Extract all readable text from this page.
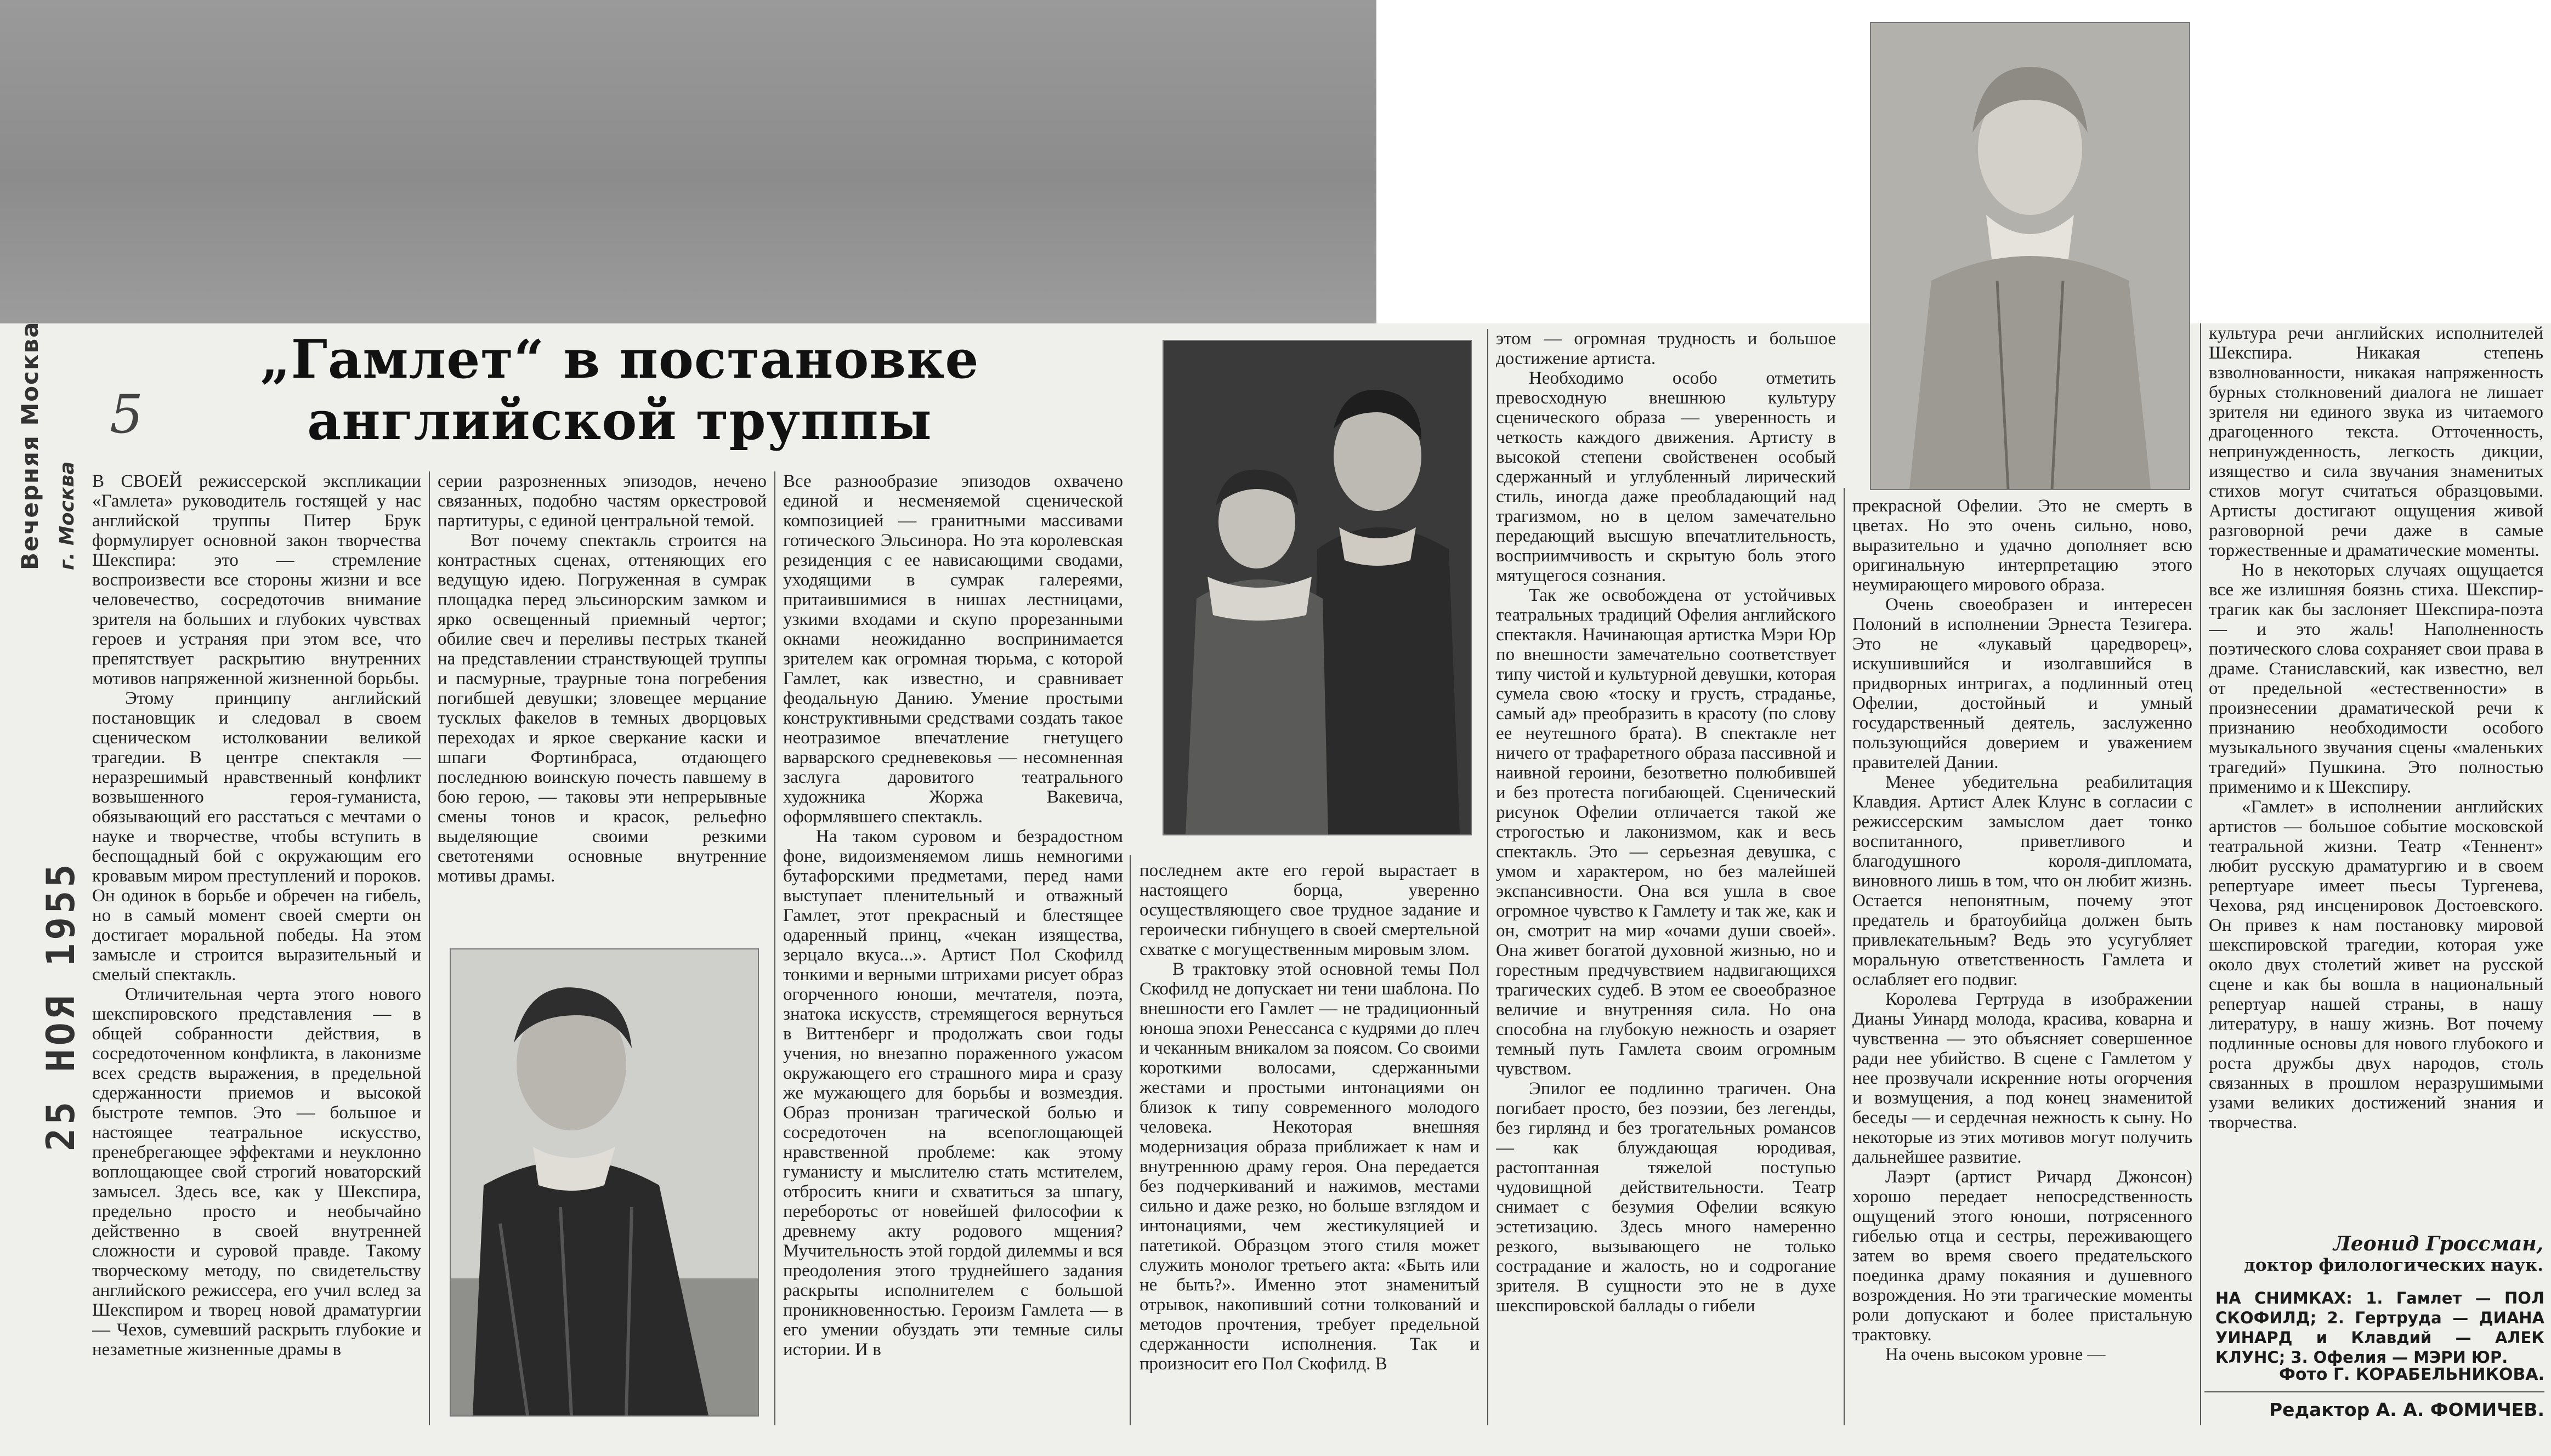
Вечерняя Москва г. Москва
25 НОЯ 1955
5
„Гамлет“ в постановке
английской труппы

В СВОЕЙ режиссерской экспликации «Гамлета» руководитель гостящей у нас английской труппы Питер Брук формулирует основной закон творчества Шекспира: это — стремление воспроизвести все стороны жизни и все человечество, сосредоточив внимание зрителя на больших и глубоких чувствах героев и устраняя при этом все, что препятствует раскрытию внутренних мотивов напряженной жизненной борьбы.

Этому принципу английский постановщик и следовал в своем сценическом истолковании великой трагедии. В центре спектакля — неразрешимый нравственный конфликт возвышенного героя-гуманиста, обязывающий его расстаться с мечтами о науке и творчестве, чтобы вступить в беспощадный бой с окружающим его кровавым миром преступлений и пороков. Он одинок в борьбе и обречен на гибель, но в самый момент своей смерти он достигает моральной победы. На этом замысле и строится выразительный и смелый спектакль.

Отличительная черта этого нового шекспировского представления — в общей собранности действия, в сосредоточенном конфликта, в лаконизме всех средств выражения, в предельной сдержанности приемов и высокой быстроте темпов. Это — большое и настоящее театральное искусство, пренебрегающее эффектами и неуклонно воплощающее свой строгий новаторский замысел. Здесь все, как у Шекспира, предельно просто и необычайно действенно в своей внутренней сложности и суровой правде. Такому творческому методу, по свидетельству английского режиссера, его учил вслед за Шекспиром и творец новой драматургии — Чехов, сумевший раскрыть глубокие и незаметные жизненные драмы в

серии разрозненных эпизодов, нечено связанных, подобно частям оркестровой партитуры, с единой центральной темой.

Вот почему спектакль строится на контрастных сценах, оттеняющих его ведущую идею. Погруженная в сумрак площадка перед эльсинорским замком и ярко освещенный приемный чертог; обилие свеч и переливы пестрых тканей на представлении странствующей труппы и пасмурные, траурные тона погребения погибшей девушки; зловещее мерцание тусклых факелов в темных дворцовых переходах и яркое сверкание каски и шпаги Фортинбраса, отдающего последнюю воинскую почесть павшему в бою герою, — таковы эти непрерывные смены тонов и красок, рельефно выделяющие своими резкими светотенями основные внутренние мотивы драмы.

Все разнообразие эпизодов охвачено единой и несменяемой сценической композицией — гранитными массивами готического Эльсинора. Но эта королевская резиденция с ее нависающими сводами, уходящими в сумрак галереями, притаившимися в нишах лестницами, узкими входами и скупо прорезанными окнами неожиданно воспринимается зрителем как огромная тюрьма, с которой Гамлет, как известно, и сравнивает феодальную Данию. Умение простыми конструктивными средствами создать такое неотразимое впечатление гнетущего варварского средневековья — несомненная заслуга даровитого театрального художника Жоржа Вакевича, оформлявшего спектакль.

На таком суровом и безрадостном фоне, видоизменяемом лишь немногими бутафорскими предметами, перед нами выступает пленительный и отважный Гамлет, этот прекрасный и блестящее одаренный принц, «чекан изящества, зерцало вкуса...». Артист Пол Скофилд тонкими и верными штрихами рисует образ огорченного юноши, мечтателя, поэта, знатока искусств, стремящегося вернуться в Виттенберг и продолжать свои годы учения, но внезапно пораженного ужасом окружающего его страшного мира и сразу же мужающего для борьбы и возмездия. Образ пронизан трагической болью и сосредоточен на всепоглощающей нравственной проблеме: как этому гуманисту и мыслителю стать мстителем, отбросить книги и схватиться за шпагу, переборотьс от новейшей философии к древнему акту родового мщения? Мучительность этой гордой дилеммы и вся преодоления этого труднейшего задания раскрыты исполнителем с большой проникновенностью. Героизм Гамлета — в его умении обуздать эти темные силы истории. И в

последнем акте его герой вырастает в настоящего борца, уверенно осуществляющего свое трудное задание и героически гибнущего в своей смертельной схватке с могущественным мировым злом.

В трактовку этой основной темы Пол Скофилд не допускает ни тени шаблона. По внешности его Гамлет — не традиционный юноша эпохи Ренессанса с кудрями до плеч и чеканным вникалом за поясом. Со своими короткими волосами, сдержанными жестами и простыми интонациями он близок к типу современного молодого человека. Некоторая внешняя модернизация образа приближает к нам и внутреннюю драму героя. Она передается без подчеркиваний и нажимов, местами сильно и даже резко, но больше взглядом и интонациями, чем жестикуляцией и патетикой. Образцом этого стиля может служить монолог третьего акта: «Быть или не быть?». Именно этот знаменитый отрывок, накопивший сотни толкований и методов прочтения, требует предельной сдержанности исполнения. Так и произносит его Пол Скофилд. В

этом — огромная трудность и большое достижение артиста.

Необходимо особо отметить превосходную внешнюю культуру сценического образа — уверенность и четкость каждого движения. Артисту в высокой степени свойственен особый сдержанный и углубленный лирический стиль, иногда даже преобладающий над трагизмом, но в целом замечательно передающий высшую впечатлительность, восприимчивость и скрытую боль этого мятущегося сознания.

Так же освобождена от устойчивых театральных традиций Офелия английского спектакля. Начинающая артистка Мэри Юр по внешности замечательно соответствует типу чистой и культурной девушки, которая сумела свою «тоску и грусть, страданье, самый ад» преобразить в красоту (по слову ее неутешного брата). В спектакле нет ничего от трафаретного образа пассивной и наивной героини, безответно полюбившей и без протеста погибающей. Сценический рисунок Офелии отличается такой же строгостью и лаконизмом, как и весь спектакль. Это — серьезная девушка, с умом и характером, но без малейшей экспансивности. Она вся ушла в свое огромное чувство к Гамлету и так же, как и он, смотрит на мир «очами души своей». Она живет богатой духовной жизнью, но и горестным предчувствием надвигающихся трагических судеб. В этом ее своеобразное величие и внутренняя сила. Но она способна на глубокую нежность и озаряет темный путь Гамлета своим огромным чувством.

Эпилог ее подлинно трагичен. Она погибает просто, без поэзии, без легенды, без гирлянд и без трогательных романсов — как блуждающая юродивая, растоптанная тяжелой поступью чудовищной действительности. Театр снимает с безумия Офелии всякую эстетизацию. Здесь много намеренно резкого, вызывающего не только сострадание и жалость, но и содрогание зрителя. В сущности это не в духе шекспировской баллады о гибели

прекрасной Офелии. Это не смерть в цветах. Но это очень сильно, ново, выразительно и удачно дополняет всю оригинальную интерпретацию этого неумирающего мирового образа.

Очень своеобразен и интересен Полоний в исполнении Эрнеста Тезигера. Это не «лукавый царедворец», искушившийся и изолгавшийся в придворных интригах, а подлинный отец Офелии, достойный и умный государственный деятель, заслуженно пользующийся доверием и уважением правителей Дании.

Менее убедительна реабилитация Клавдия. Артист Алек Клунс в согласии с режиссерским замыслом дает тонко воспитанного, приветливого и благодушного короля-дипломата, виновного лишь в том, что он любит жизнь. Остается непонятным, почему этот предатель и братоубийца должен быть привлекательным? Ведь это усугубляет моральную ответственность Гамлета и ослабляет его подвиг.

Королева Гертруда в изображении Дианы Уинард молода, красива, коварна и чувственна — это объясняет совершенное ради нее убийство. В сцене с Гамлетом у нее прозвучали искренние ноты огорчения и возмущения, а под конец знаменитой беседы — и сердечная нежность к сыну. Но некоторые из этих мотивов могут получить дальнейшее развитие.

Лаэрт (артист Ричард Джонсон) хорошо передает непосредственность ощущений этого юноши, потрясенного гибелью отца и сестры, переживающего затем во время своего предательского поединка драму покаяния и душевного возрождения. Но эти трагические моменты роли допускают и более пристальную трактовку.

На очень высоком уровне —

культура речи английских исполнителей Шекспира. Никакая степень взволнованности, никакая напряженность бурных столкновений диалога не лишает зрителя ни единого звука из читаемого драгоценного текста. Отточенность, непринужденность, легкость дикции, изящество и сила звучания знаменитых стихов могут считаться образцовыми. Артисты достигают ощущения живой разговорной речи даже в самые торжественные и драматические моменты.

Но в некоторых случаях ощущается все же излишняя боязнь стиха. Шекспир-трагик как бы заслоняет Шекспира-поэта — и это жаль! Наполненность поэтического слова сохраняет свои права в драме. Станиславский, как известно, вел от предельной «естественности» в произнесении драматической речи к признанию необходимости особого музыкального звучания сцены «маленьких трагедий» Пушкина. Это полностью применимо и к Шекспиру.

«Гамлет» в исполнении английских артистов — большое событие московской театральной жизни. Театр «Теннент» любит русскую драматургию и в своем репертуаре имеет пьесы Тургенева, Чехова, ряд инсценировок Достоевского. Он привез к нам постановку мировой шекспировской трагедии, которая уже около двух столетий живет на русской сцене и как бы вошла в национальный репертуар нашей страны, в нашу литературу, в нашу жизнь. Вот почему подлинные основы для нового глубокого и роста дружбы двух народов, столь связанных в прошлом неразрушимыми узами великих достижений знания и творчества.

Леонид Гроссман,
доктор филологических наук.
НА СНИМКАХ: 1. Гамлет — ПОЛ СКОФИЛД; 2. Гертруда — ДИАНА УИНАРД и Клавдий — АЛЕК КЛУНС; 3. Офелия — МЭРИ ЮР.
Фото Г. КОРАБЕЛЬНИКОВА.
Редактор А. А. ФОМИЧЕВ.
